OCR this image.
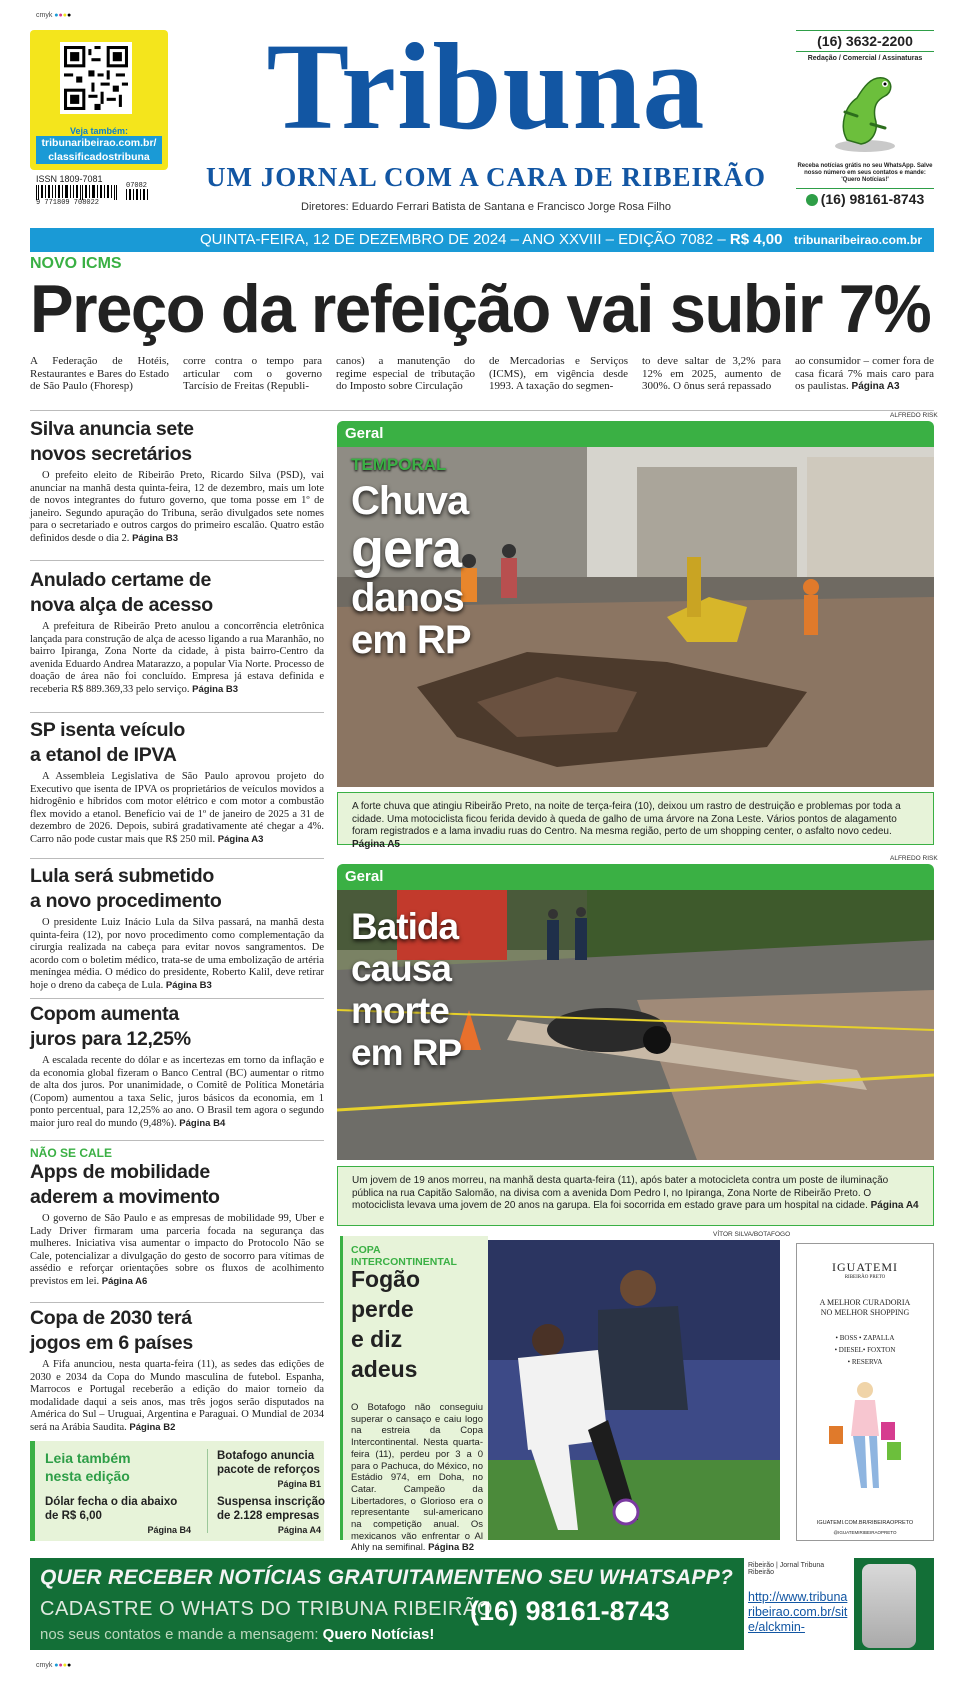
cmyk ●●●●
Veja também:
tribunaribeirao.com.br/
classificadostribuna
ISSN 1809-7081
9 771809 708022
07082
Tribuna
UM JORNAL COM A CARA DE RIBEIRÃO
Diretores: Eduardo Ferrari Batista de Santana e Francisco Jorge Rosa Filho
(16) 3632-2200
Redação / Comercial / Assinaturas
Receba notícias grátis no seu WhatsApp. Salve nosso número em seus contatos e mande: 'Quero Notícias!'
(16) 98161-8743
QUINTA-FEIRA, 12 DE DEZEMBRO DE 2024 – ANO XXVIII – EDIÇÃO 7082 – R$ 4,00 tribunaribeirao.com.br
NOVO ICMS
Preço da refeição vai subir 7%
A Federação de Hotéis, Restaurantes e Bares do Estado de São Paulo (Fhoresp)
corre contra o tempo para articular com o governo Tarcísio de Freitas (Republi-
canos) a manutenção do regime especial de tributação do Imposto sobre Circulação
de Mercadorias e Serviços (ICMS), em vigência desde 1993. A taxação do segmen-
to deve saltar de 3,2% para 12% em 2025, aumento de 300%. O ônus será repassado
ao consumidor – comer fora de casa ficará 7% mais caro para os paulistas. Página A3
Silva anuncia sete
novos secretários

O prefeito eleito de Ribeirão Preto, Ricardo Silva (PSD), vai anunciar na manhã desta quinta-feira, 12 de dezembro, mais um lote de novos integrantes do futuro governo, que toma posse em 1º de janeiro. Segundo apuração do Tribuna, serão divulgados sete nomes para o secretariado e outros cargos do primeiro escalão. Quatro estão definidos desde o dia 2. Página B3

Anulado certame de
nova alça de acesso

A prefeitura de Ribeirão Preto anulou a concorrência eletrônica lançada para construção de alça de acesso ligando a rua Maranhão, no bairro Ipiranga, Zona Norte da cidade, à pista bairro-Centro da avenida Eduardo Andrea Matarazzo, a popular Via Norte. Processo de doação de área não foi concluído. Empresa já estava definida e receberia R$ 889.369,33 pelo serviço. Página B3

SP isenta veículo
a etanol de IPVA

A Assembleia Legislativa de São Paulo aprovou projeto do Executivo que isenta de IPVA os proprietários de veículos movidos a hidrogênio e híbridos com motor elétrico e com motor a combustão flex movido a etanol. Benefício vai de 1º de janeiro de 2025 a 31 de dezembro de 2026. Depois, subirá gradativamente até chegar a 4%. Carro não pode custar mais que R$ 250 mil. Página A3

Lula será submetido
a novo procedimento

O presidente Luiz Inácio Lula da Silva passará, na manhã desta quinta-feira (12), por novo procedimento como complementação da cirurgia realizada na cabeça para evitar novos sangramentos. De acordo com o boletim médico, trata-se de uma embolização de artéria meníngea média. O médico do presidente, Roberto Kalil, deve retirar hoje o dreno da cabeça de Lula. Página B3

Copom aumenta
juros para 12,25%

A escalada recente do dólar e as incertezas em torno da inflação e da economia global fizeram o Banco Central (BC) aumentar o ritmo de alta dos juros. Por unanimidade, o Comitê de Política Monetária (Copom) aumentou a taxa Selic, juros básicos da economia, em 1 ponto percentual, para 12,25% ao ano. O Brasil tem agora o segundo maior juro real do mundo (9,48%). Página B4

NÃO SE CALE
Apps de mobilidade
aderem a movimento

O governo de São Paulo e as empresas de mobilidade 99, Uber e Lady Driver firmaram uma parceria focada na segurança das mulheres. Iniciativa visa aumentar o impacto do Protocolo Não se Cale, potencializar a divulgação do gesto de socorro para vítimas de assédio e reforçar orientações sobre os fluxos de acolhimento previstos em lei. Página A6

Copa de 2030 terá
jogos em 6 países

A Fifa anunciou, nesta quarta-feira (11), as sedes das edições de 2030 e 2034 da Copa do Mundo masculina de futebol. Espanha, Marrocos e Portugal receberão a edição do maior torneio da modalidade daqui a seis anos, mas três jogos serão disputados na América do Sul – Uruguai, Argentina e Paraguai. O Mundial de 2034 será na Arábia Saudita. Página B2

Leia também nesta edição
Botafogo anuncia pacote de reforços
Página B1
Dólar fecha o dia abaixo de R$ 6,00
Página B4
Suspensa inscrição de 2.128 empresas
Página A4
ALFREDO RISK
Geral
TEMPORAL
Chuva
gera
danos
em RP
A forte chuva que atingiu Ribeirão Preto, na noite de terça-feira (10), deixou um rastro de destruição e problemas por toda a cidade. Uma motociclista ficou ferida devido à queda de galho de uma árvore na Zona Leste. Vários pontos de alagamento foram registrados e a lama invadiu ruas do Centro. Na mesma região, perto de um shopping center, o asfalto novo cedeu. Página A5
ALFREDO RISK
Geral
Batida
causa
morte
em RP
Um jovem de 19 anos morreu, na manhã desta quarta-feira (11), após bater a motocicleta contra um poste de iluminação pública na rua Capitão Salomão, na divisa com a avenida Dom Pedro I, no Ipiranga, Zona Norte de Ribeirão Preto. O motociclista levava uma jovem de 20 anos na garupa. Ela foi socorrida em estado grave para um hospital na cidade. Página A4
VÍTOR SILVA/BOTAFOGO
COPA INTERCONTINENTAL
Fogão
perde
e diz
adeus

O Botafogo não conseguiu superar o cansaço e caiu logo na estreia da Copa Intercontinental. Nesta quarta-feira (11), perdeu por 3 a 0 para o Pachuca, do México, no Estádio 974, em Doha, no Catar. Campeão da Libertadores, o Glorioso era o representante sul-americano na competição anual. Os mexicanos vão enfrentar o Al Ahly na semifinal. Página B2

IGUATEMI
RIBEIRÃO PRETO
A MELHOR CURADORIA
NO MELHOR SHOPPING
• BOSS • ZAPALLA
• DIESEL• FOXTON
• RESERVA
IGUATEMI.COM.BR/RIBEIRAOPRETO
@IGUATEMIRIBEIRAOPRETO
QUER RECEBER NOTÍCIAS GRATUITAMENTENO SEU WHATSAPP?
CADASTRE O WHATS DO TRIBUNA RIBEIRÃO
nos seus contatos e mande a mensagem: Quero Notícias!
(16) 98161-8743
Ribeirão | Jornal Tribuna Ribeirão
http://www.tribunaribeirao.com.br/site/alckmin-
cmyk ●●●●
